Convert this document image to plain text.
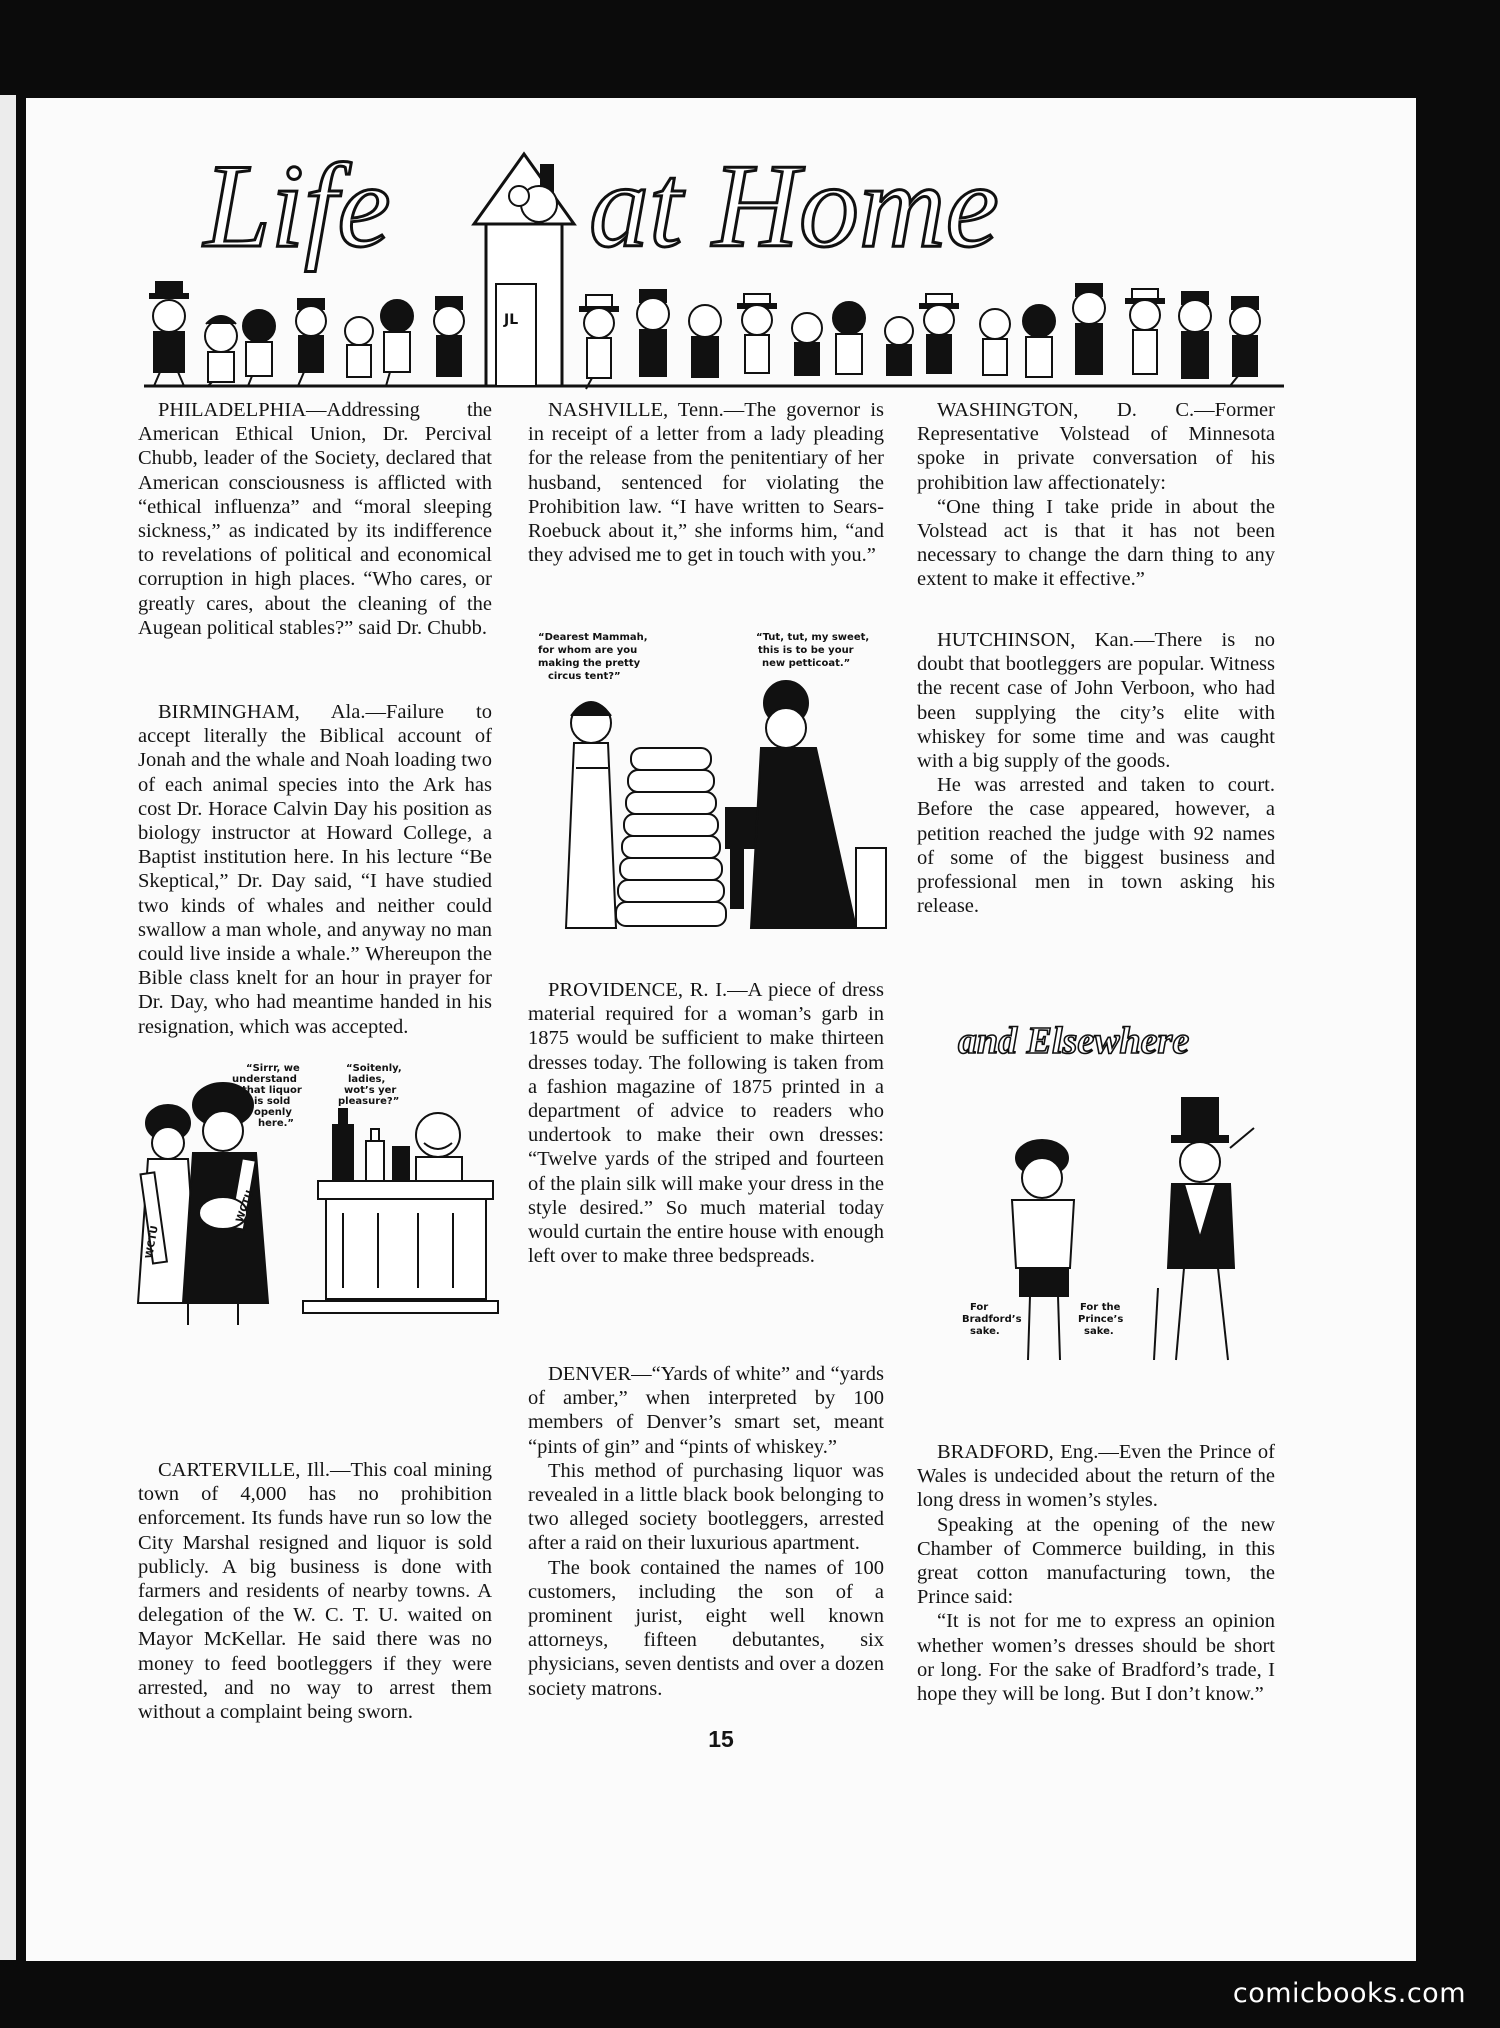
Life
JL
at Home

PHILADELPHIA—Addressing the American Ethical Union, Dr. Percival Chubb, leader of the Society, declared that American consciousness is afflicted with “ethical influenza” and “moral sleeping sickness,” as indicated by its indifference to revelations of political and economical corruption in high places. “Who cares, or greatly cares, about the cleaning of the Augean political stables?” said Dr. Chubb.

BIRMINGHAM, Ala.—Failure to accept literally the Biblical account of Jonah and the whale and Noah loading two of each animal species into the Ark has cost Dr. Horace Calvin Day his position as biology instructor at Howard College, a Baptist institution here. In his lecture “Be Skeptical,” Dr. Day said, “I have studied two kinds of whales and neither could swallow a man whole, and anyway no man could live inside a whale.” Whereupon the Bible class knelt for an hour in prayer for Dr. Day, who had meantime handed in his resignation, which was accepted.

WCTU
WCTU
“Sirrr, we
understand
that liquor
is sold
openly
here.”
“Soitenly,
ladies,
wot’s yer
pleasure?”

CARTERVILLE, Ill.—This coal mining town of 4,000 has no prohibition enforcement. Its funds have run so low the City Marshal resigned and liquor is sold publicly. A big business is done with farmers and residents of nearby towns. A delegation of the W. C. T. U. waited on Mayor McKellar. He said there was no money to feed bootleggers if they were arrested, and no way to arrest them without a complaint being sworn.

NASHVILLE, Tenn.—The governor is in receipt of a letter from a lady pleading for the release from the penitentiary of her husband, sentenced for violating the Prohibition law. “I have written to Sears-Roebuck about it,” she informs him, “and they advised me to get in touch with you.”

“Dearest Mammah,
for whom are you
making the pretty
circus tent?”
“Tut, tut, my sweet,
this is to be your
new petticoat.”

PROVIDENCE, R. I.—A piece of dress material required for a woman’s garb in 1875 would be sufficient to make thirteen dresses today. The following is taken from a fashion magazine of 1875 printed in a department of advice to readers who undertook to make their own dresses: “Twelve yards of the striped and fourteen of the plain silk will make your dress in the style desired.” So much material today would curtain the entire house with enough left over to make three bedspreads.

DENVER—“Yards of white” and “yards of amber,” when interpreted by 100 members of Denver’s smart set, meant “pints of gin” and “pints of whiskey.”

This method of purchasing liquor was revealed in a little black book belonging to two alleged society bootleggers, arrested after a raid on their luxurious apartment.

The book contained the names of 100 customers, including the son of a prominent jurist, eight well known attorneys, fifteen debutantes, six physicians, seven dentists and over a dozen society matrons.

WASHINGTON, D. C.—Former Representative Volstead of Minnesota spoke in private conversation of his prohibition law affectionately:

“One thing I take pride in about the Volstead act is that it has not been necessary to change the darn thing to any extent to make it effective.”

HUTCHINSON, Kan.—There is no doubt that bootleggers are popular. Witness the recent case of John Verboon, who had been supplying the city’s elite with whiskey for some time and was caught with a big supply of the goods.

He was arrested and taken to court. Before the case appeared, however, a petition reached the judge with 92 names of some of the biggest business and professional men in town asking his release.

and Elsewhere
For
Bradford’s
sake.
For the
Prince’s
sake.

BRADFORD, Eng.—Even the Prince of Wales is undecided about the return of the long dress in women’s styles.

Speaking at the opening of the new Chamber of Commerce building, in this great cotton manufacturing town, the Prince said:

“It is not for me to express an opinion whether women’s dresses should be short or long. For the sake of Bradford’s trade, I hope they will be long. But I don’t know.”

15
comicbooks.com
